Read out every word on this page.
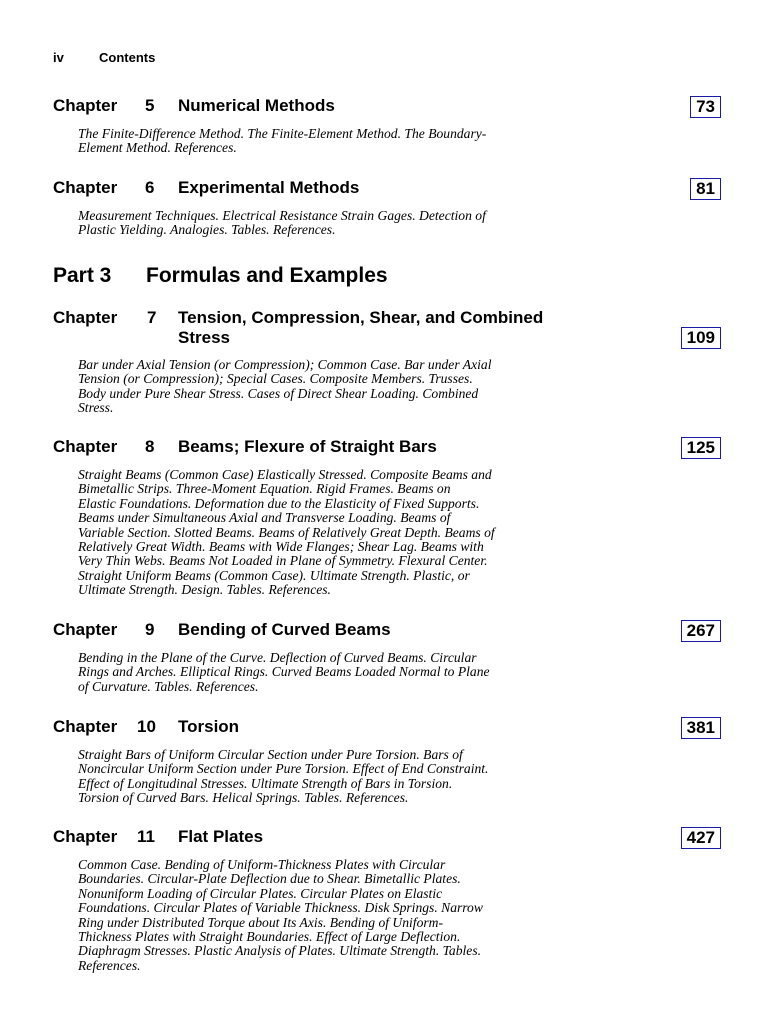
iv	Contents
Chapter 5 Numerical Methods	73
The Finite-Difference Method. The Finite-Element Method. The Boundary-
Element Method. References.
Chapter 6 Experimental Methods	81
Measurement Techniques. Electrical Resistance Strain Gages. Detection of
Plastic Yielding. Analogies. Tables. References.
Part 3 Formulas and Examples
Chapter 7 Tension, Compression, Shear, and Combined
Stress	109
Bar under Axial Tension (or Compression); Common Case. Bar under Axial
Tension (or Compression); Special Cases. Composite Members. Trusses.
Body under Pure Shear Stress. Cases of Direct Shear Loading. Combined
Stress.
Chapter 8 Beams; Flexure of Straight Bars	125
Straight Beams (Common Case) Elastically Stressed. Composite Beams and
Bimetallic Strips. Three-Moment Equation. Rigid Frames. Beams on
Elastic Foundations. Deformation due to the Elasticity of Fixed Supports.
Beams under Simultaneous Axial and Transverse Loading. Beams of
Variable Section. Slotted Beams. Beams of Relatively Great Depth. Beams of
Relatively Great Width. Beams with Wide Flanges; Shear Lag. Beams with
Very Thin Webs. Beams Not Loaded in Plane of Symmetry. Flexural Center.
Straight Uniform Beams (Common Case). Ultimate Strength. Plastic, or
Ultimate Strength. Design. Tables. References.
Chapter 9 Bending of Curved Beams	267
Bending in the Plane of the Curve. Deflection of Curved Beams. Circular
Rings and Arches. Elliptical Rings. Curved Beams Loaded Normal to Plane
of Curvature. Tables. References.
Chapter 10 Torsion	381
Straight Bars of Uniform Circular Section under Pure Torsion. Bars of
Noncircular Uniform Section under Pure Torsion. Effect of End Constraint.
Effect of Longitudinal Stresses. Ultimate Strength of Bars in Torsion.
Torsion of Curved Bars. Helical Springs. Tables. References.
Chapter 11 Flat Plates	427
Common Case. Bending of Uniform-Thickness Plates with Circular
Boundaries. Circular-Plate Deflection due to Shear. Bimetallic Plates.
Nonuniform Loading of Circular Plates. Circular Plates on Elastic
Foundations. Circular Plates of Variable Thickness. Disk Springs. Narrow
Ring under Distributed Torque about Its Axis. Bending of Uniform-
Thickness Plates with Straight Boundaries. Effect of Large Deflection.
Diaphragm Stresses. Plastic Analysis of Plates. Ultimate Strength. Tables.
References.
